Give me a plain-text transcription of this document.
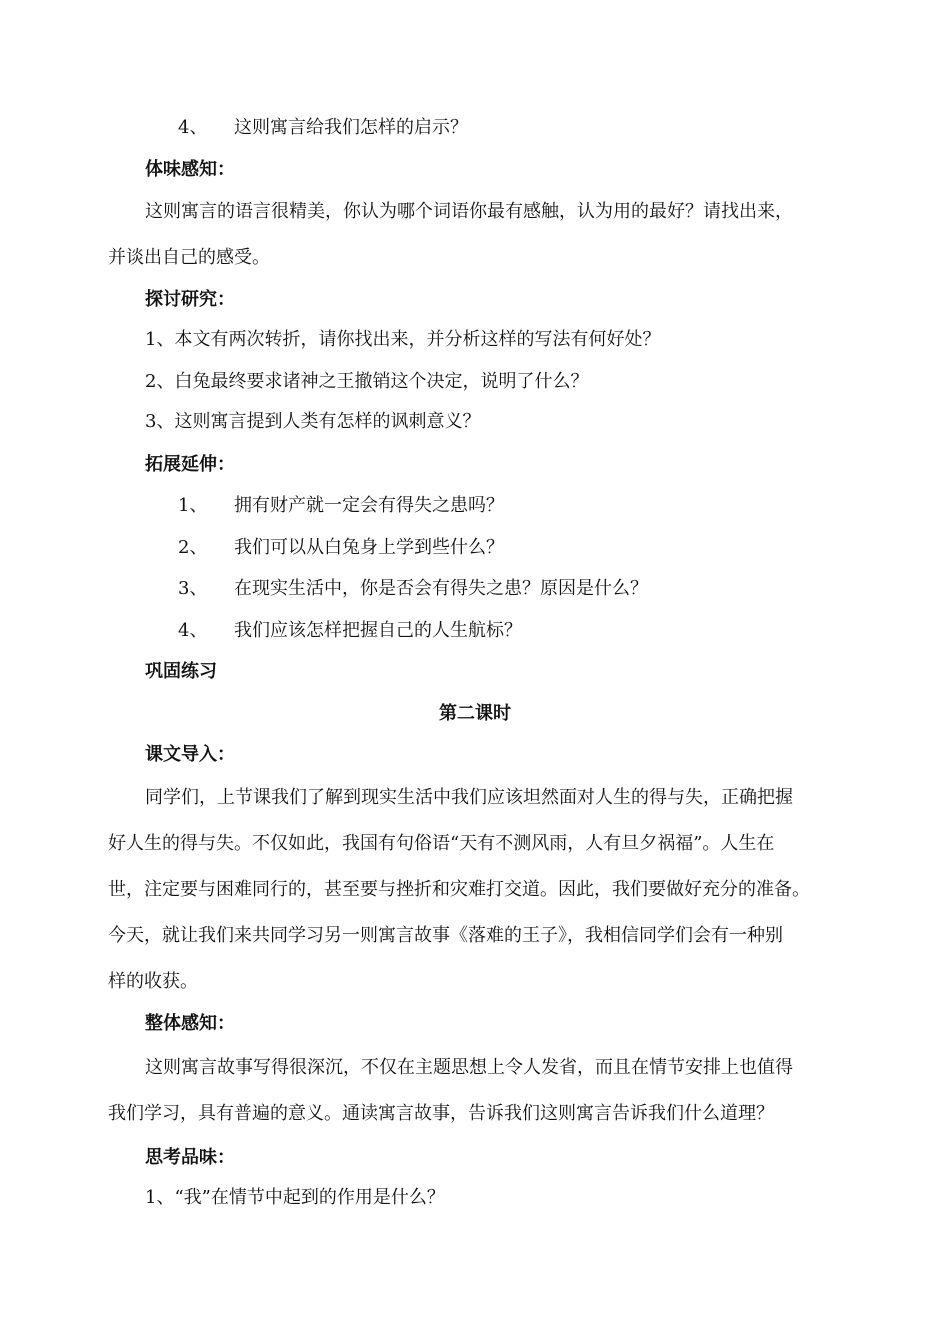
4、 这则寓言给我们怎样的启示？
体味感知：
这则寓言的语言很精美，你认为哪个词语你最有感触，认为用的最好？请找出来，
并谈出自己的感受。
探讨研究：
1、本文有两次转折，请你找出来，并分析这样的写法有何好处？
2、白兔最终要求诸神之王撤销这个决定，说明了什么？
3、这则寓言提到人类有怎样的讽刺意义？
拓展延伸：
1、 拥有财产就一定会有得失之患吗？
2、 我们可以从白兔身上学到些什么？
3、 在现实生活中，你是否会有得失之患？原因是什么？
4、 我们应该怎样把握自己的人生航标？
巩固练习
第二课时
课文导入：
同学们，上节课我们了解到现实生活中我们应该坦然面对人生的得与失，正确把握
好人生的得与失。不仅如此，我国有句俗语“天有不测风雨，人有旦夕祸福”。人生在
世，注定要与困难同行的，甚至要与挫折和灾难打交道。因此，我们要做好充分的准备。
今天，就让我们来共同学习另一则寓言故事《落难的王子》，我相信同学们会有一种别
样的收获。
整体感知：
这则寓言故事写得很深沉，不仅在主题思想上令人发省，而且在情节安排上也值得
我们学习，具有普遍的意义。通读寓言故事，告诉我们这则寓言告诉我们什么道理？
思考品味：
1、“我”在情节中起到的作用是什么？
